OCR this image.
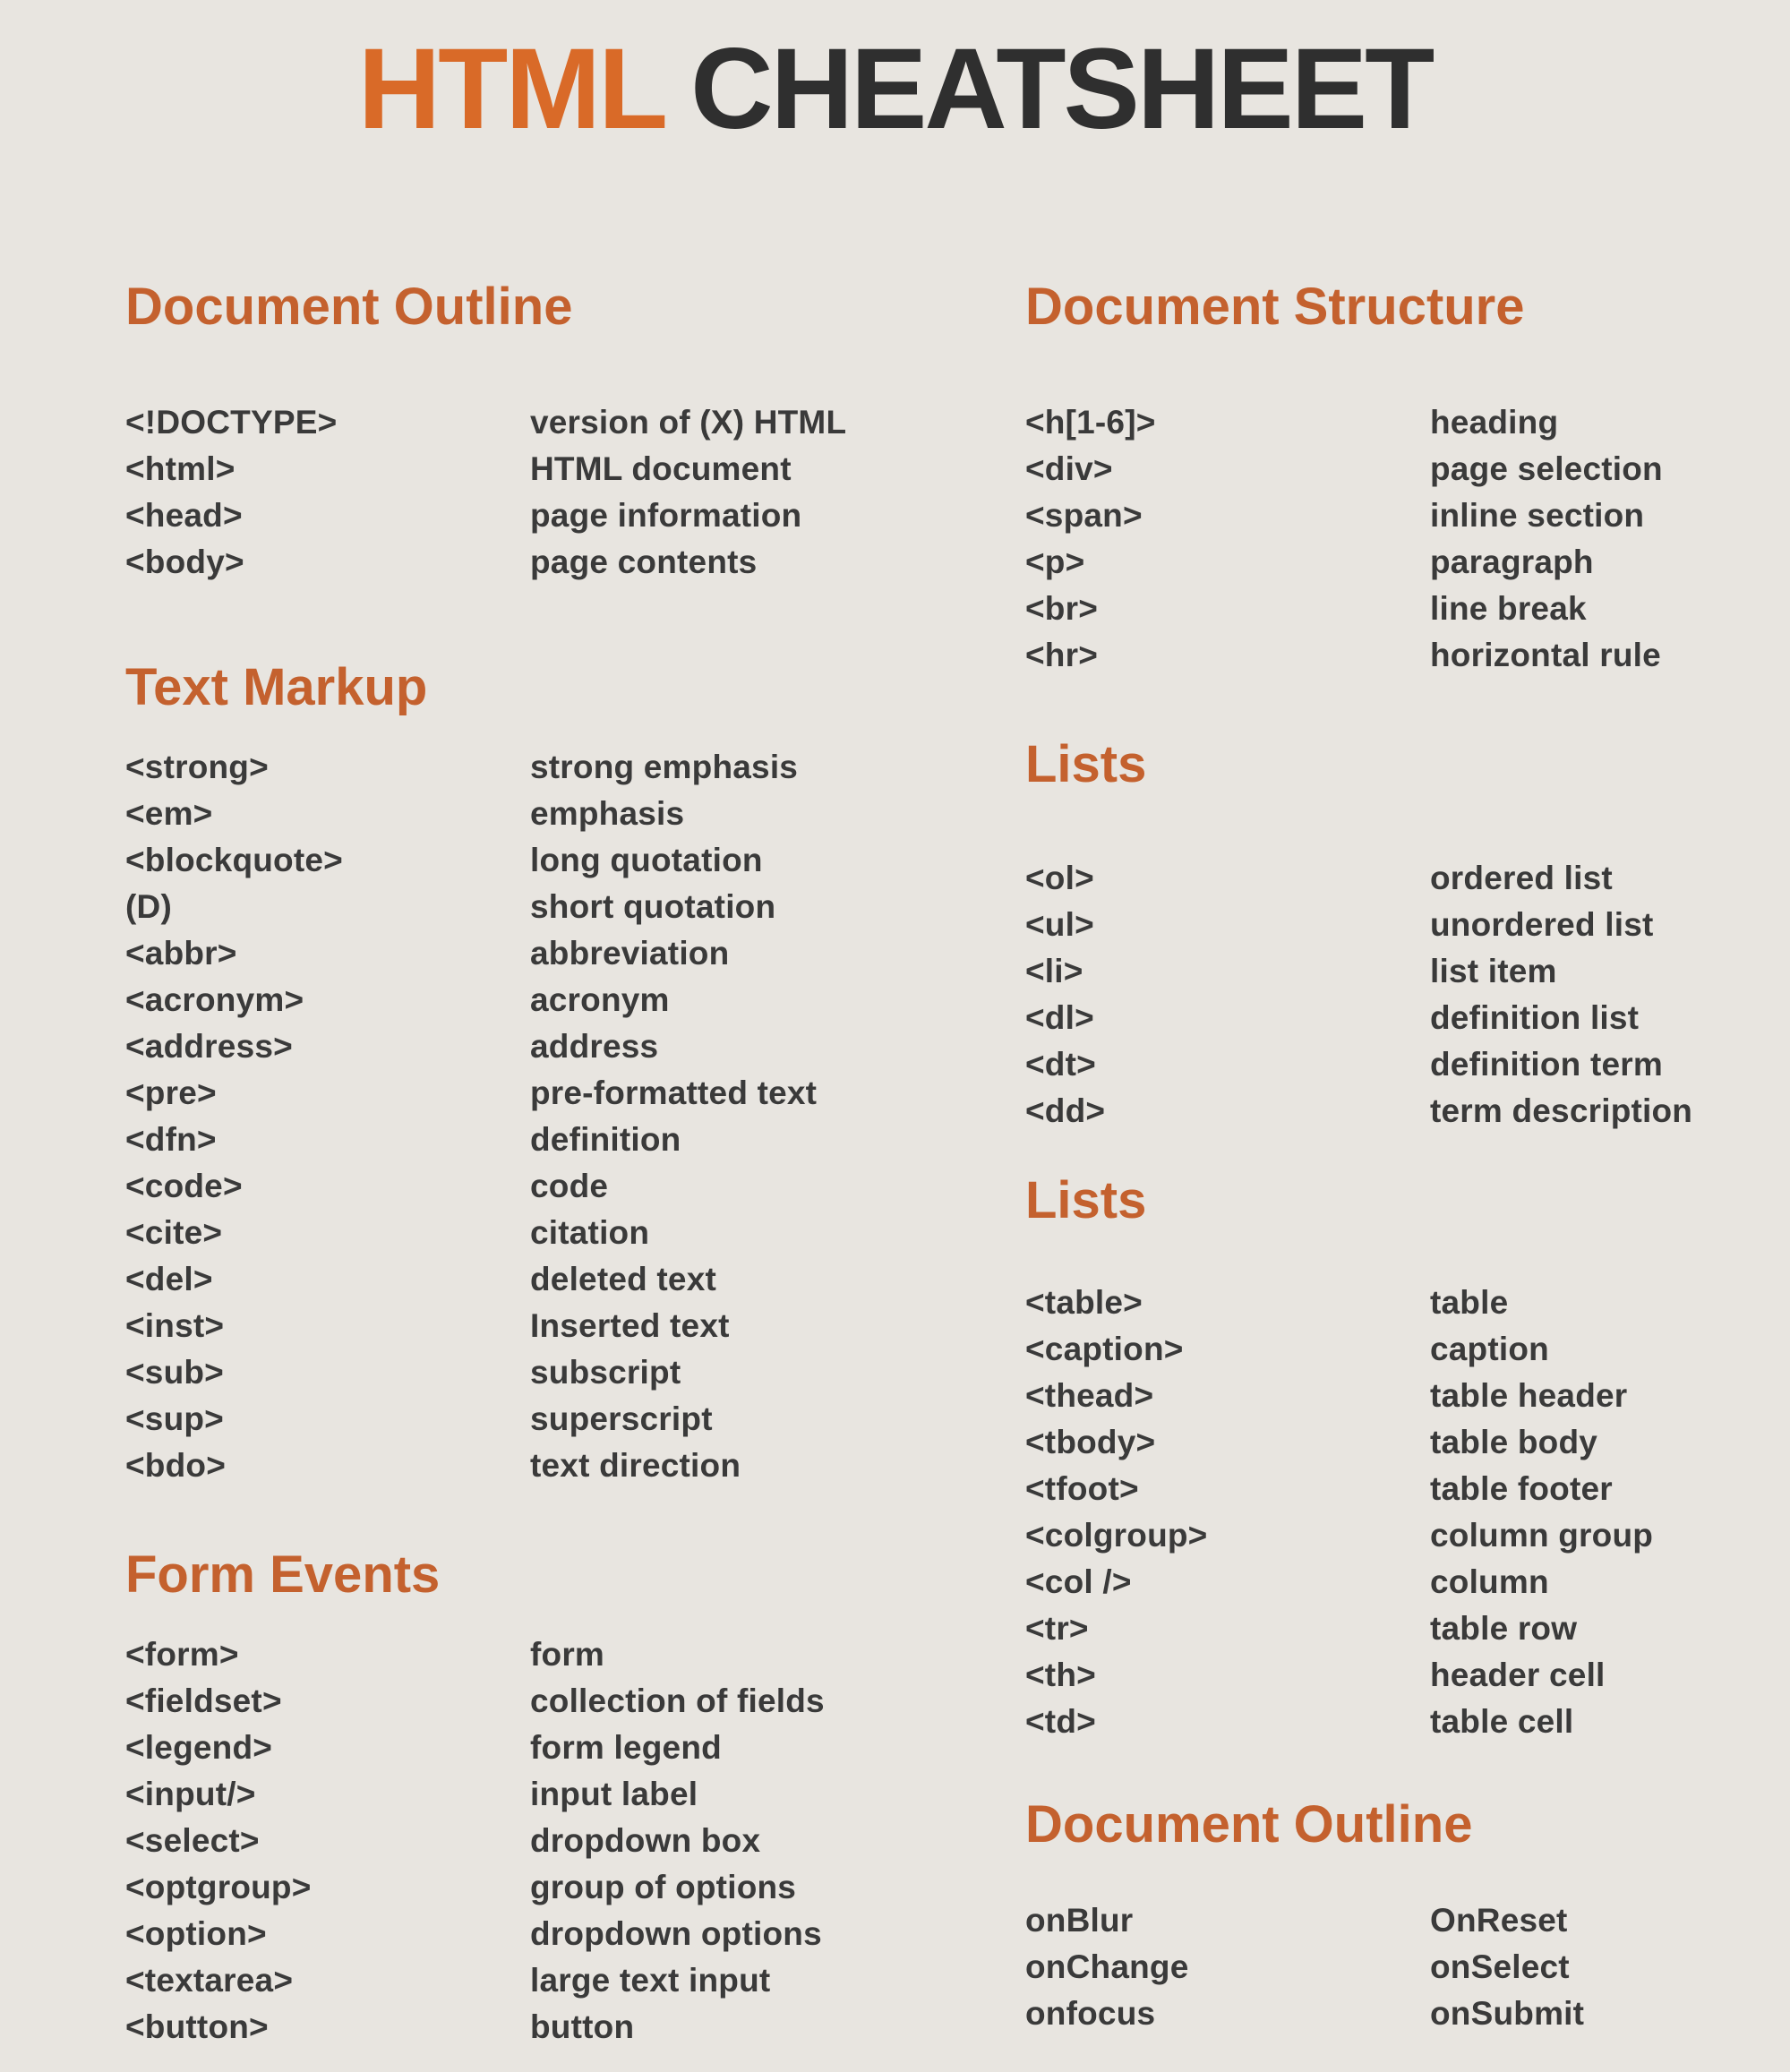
HTML CHEATSHEET
Document Outline
<!DOCTYPE>	version of (X) HTML
<html>	HTML document
<head>	page information
<body>	page contents
Text Markup
<strong>	strong emphasis
<em>	emphasis
<blockquote>	long quotation
(D)	short quotation
<abbr>	abbreviation
<acronym>	acronym
<address>	address
<pre>	pre-formatted text
<dfn>	definition
<code>	code
<cite>	citation
<del>	deleted text
<inst>	Inserted text
<sub>	subscript
<sup>	superscript
<bdo>	text direction
Form Events
<form>	form
<fieldset>	collection of fields
<legend>	form legend
<input/>	input label
<select>	dropdown box
<optgroup>	group of options
<option>	dropdown options
<textarea>	large text input
<button>	button
Document Structure
<h[1-6]>	heading
<div>	page selection
<span>	inline section
<p>	paragraph
<br>	line break
<hr>	horizontal rule
Lists
<ol>	ordered list
<ul>	unordered list
<li>	list item
<dl>	definition list
<dt>	definition term
<dd>	term description
Lists
<table>	table
<caption>	caption
<thead>	table header
<tbody>	table body
<tfoot>	table footer
<colgroup>	column group
<col />	column
<tr>	table row
<th>	header cell
<td>	table cell
Document Outline
onBlur	OnReset
onChange	onSelect
onfocus	onSubmit
